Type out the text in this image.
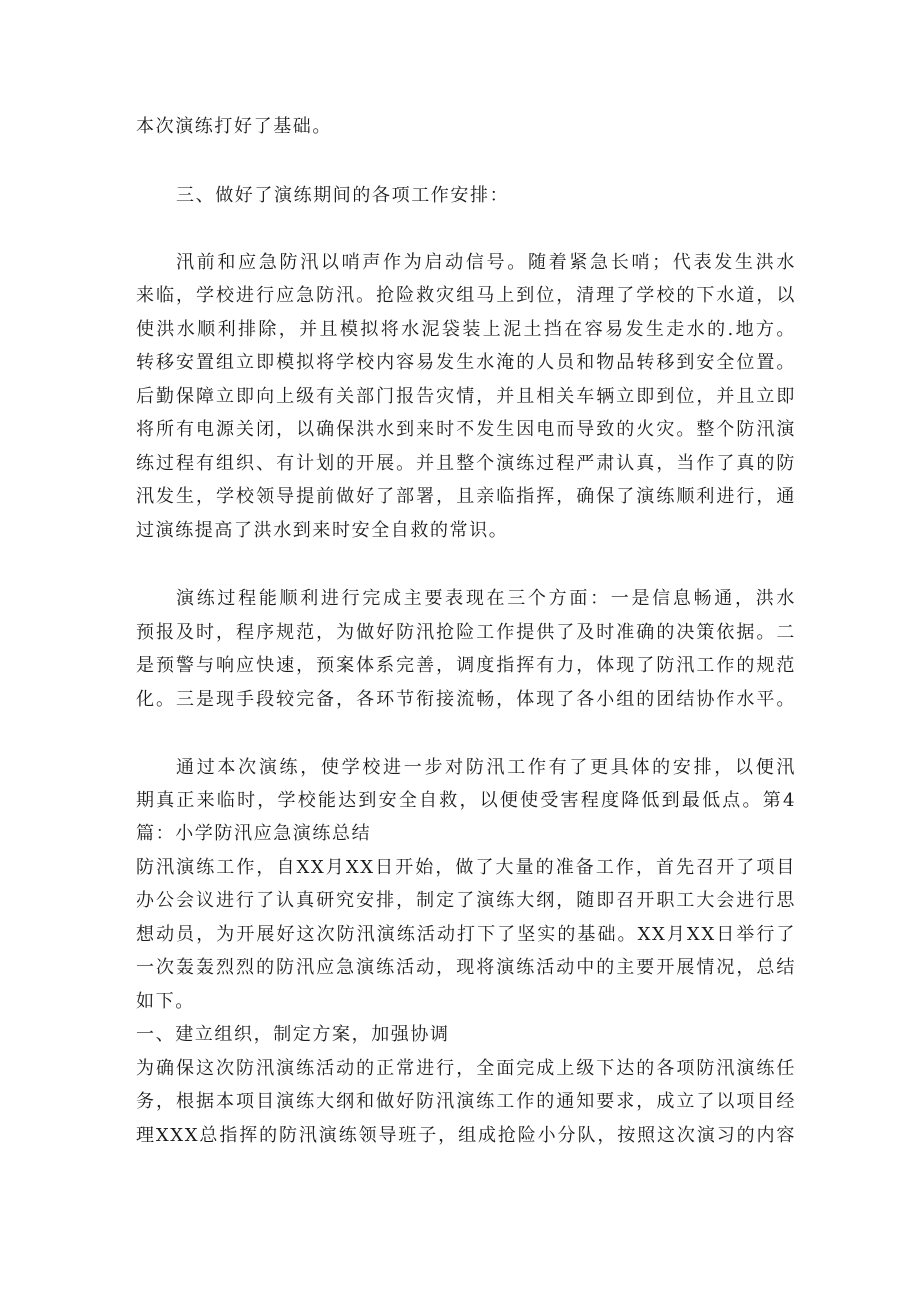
本次演练打好了基础。
三、做好了演练期间的各项工作安排：
汛前和应急防汛以哨声作为启动信号。随着紧急长哨；代表发生洪水
来临，学校进行应急防汛。抢险救灾组马上到位，清理了学校的下水道，以
使洪水顺利排除，并且模拟将水泥袋装上泥土挡在容易发生走水的.地方。
转移安置组立即模拟将学校内容易发生水淹的人员和物品转移到安全位置。
后勤保障立即向上级有关部门报告灾情，并且相关车辆立即到位，并且立即
将所有电源关闭，以确保洪水到来时不发生因电而导致的火灾。整个防汛演
练过程有组织、有计划的开展。并且整个演练过程严肃认真，当作了真的防
汛发生，学校领导提前做好了部署，且亲临指挥，确保了演练顺利进行，通
过演练提高了洪水到来时安全自救的常识。
演练过程能顺利进行完成主要表现在三个方面：一是信息畅通，洪水
预报及时，程序规范，为做好防汛抢险工作提供了及时准确的决策依据。二
是预警与响应快速，预案体系完善，调度指挥有力，体现了防汛工作的规范
化。三是现手段较完备，各环节衔接流畅，体现了各小组的团结协作水平。
通过本次演练，使学校进一步对防汛工作有了更具体的安排，以便汛
期真正来临时，学校能达到安全自救，以便使受害程度降低到最低点。第4
篇：小学防汛应急演练总结
防汛演练工作，自XX月XX日开始，做了大量的准备工作，首先召开了项目
办公会议进行了认真研究安排，制定了演练大纲，随即召开职工大会进行思
想动员，为开展好这次防汛演练活动打下了坚实的基础。XX月XX日举行了
一次轰轰烈烈的防汛应急演练活动，现将演练活动中的主要开展情况，总结
如下。
一、建立组织，制定方案，加强协调
为确保这次防汛演练活动的正常进行，全面完成上级下达的各项防汛演练任
务，根据本项目演练大纲和做好防汛演练工作的通知要求，成立了以项目经
理XXX总指挥的防汛演练领导班子，组成抢险小分队，按照这次演习的内容
